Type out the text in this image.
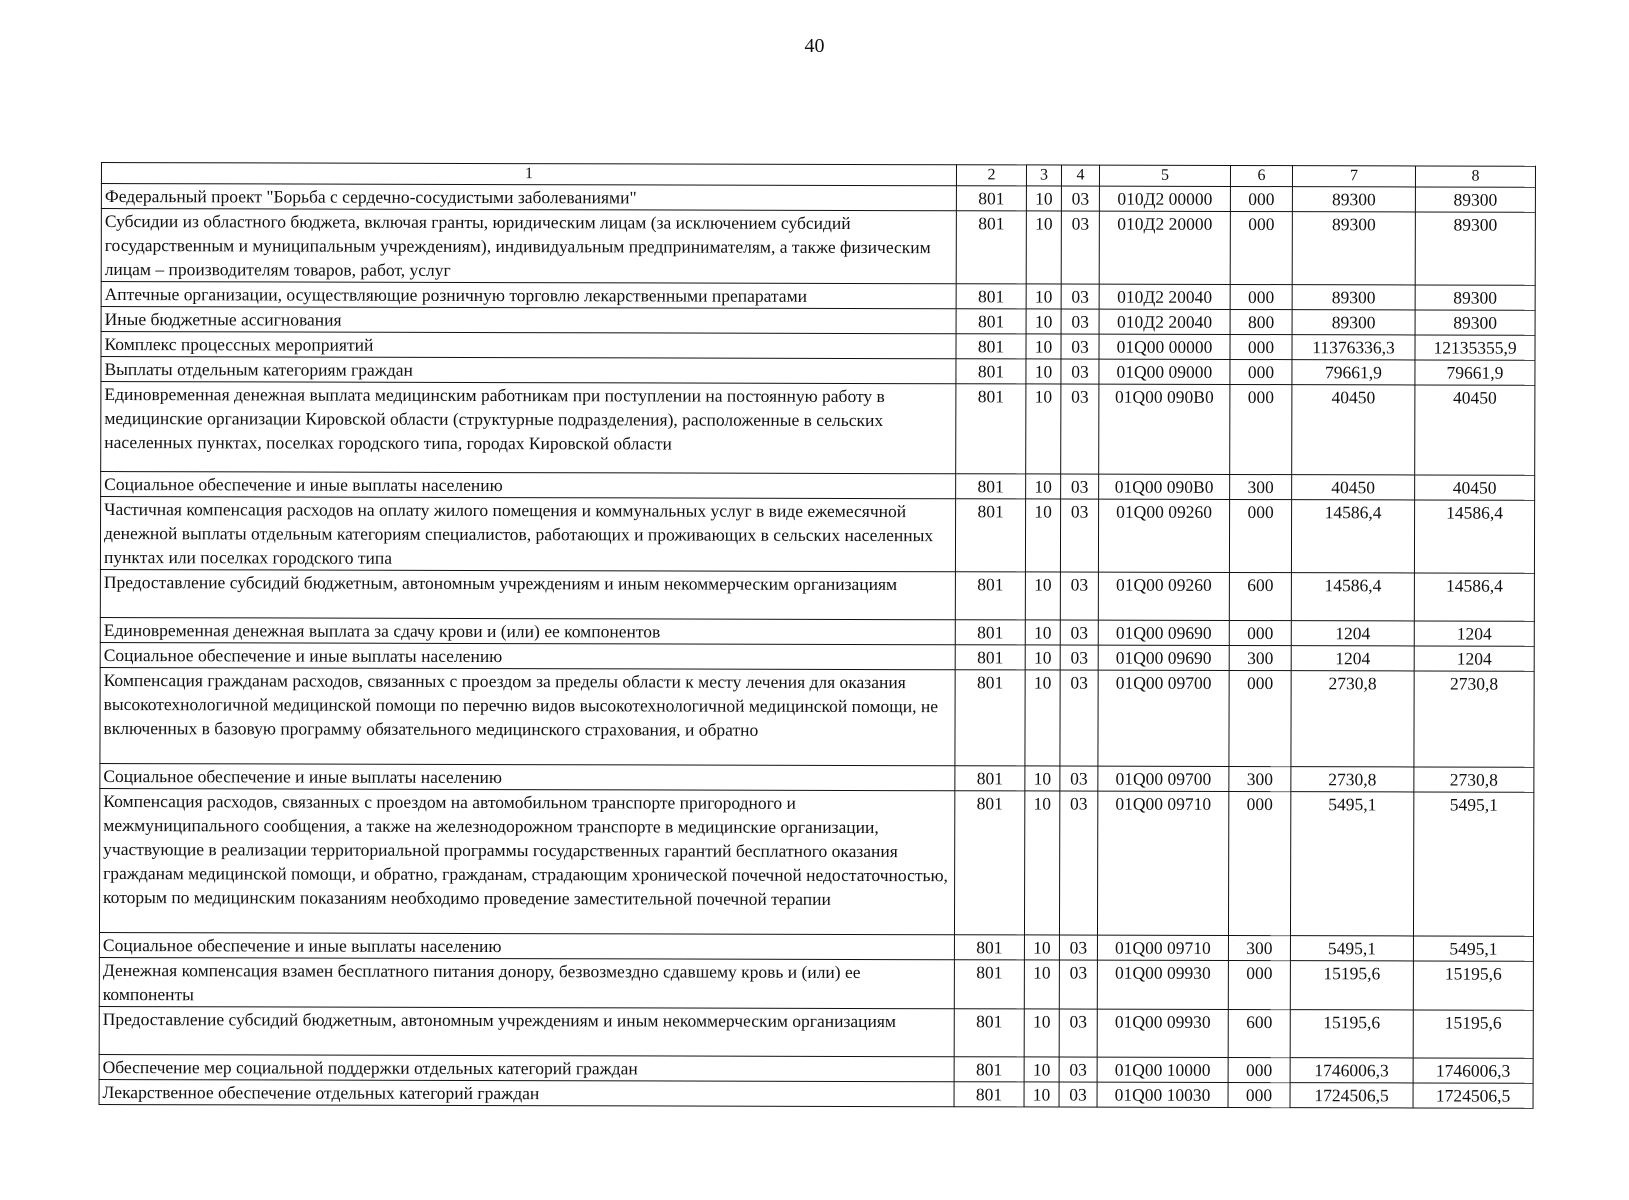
40
1	2	3	4	5	6	7	8
Федеральный проект "Борьба с сердечно-сосудистыми заболеваниями"	801	10	03	010Д2 00000	000	89300	89300
Субсидии из областного бюджета, включая гранты, юридическим лицам (за исключением субсидий государственным и муниципальным учреждениям), индивидуальным предпринимателям, а также физическим лицам – производителям товаров, работ, услуг	801	10	03	010Д2 20000	000	89300	89300
Аптечные организации, осуществляющие розничную торговлю лекарственными препаратами	801	10	03	010Д2 20040	000	89300	89300
Иные бюджетные ассигнования	801	10	03	010Д2 20040	800	89300	89300
Комплекс процессных мероприятий	801	10	03	01Q00 00000	000	11376336,3	12135355,9
Выплаты отдельным категориям граждан	801	10	03	01Q00 09000	000	79661,9	79661,9
Единовременная денежная выплата медицинским работникам при поступлении на постоянную работу в медицинские организации Кировской области (структурные подразделения), расположенные в сельских населенных пунктах, поселках городского типа, городах Кировской области	801	10	03	01Q00 090B0	000	40450	40450
Социальное обеспечение и иные выплаты населению	801	10	03	01Q00 090B0	300	40450	40450
Частичная компенсация расходов на оплату жилого помещения и коммунальных услуг в виде ежемесячной денежной выплаты отдельным категориям специалистов, работающих и проживающих в сельских населенных пунктах или поселках городского типа	801	10	03	01Q00 09260	000	14586,4	14586,4
Предоставление субсидий бюджетным, автономным учреждениям и иным некоммерческим организациям	801	10	03	01Q00 09260	600	14586,4	14586,4
Единовременная денежная выплата за сдачу крови и (или) ее компонентов	801	10	03	01Q00 09690	000	1204	1204
Социальное обеспечение и иные выплаты населению	801	10	03	01Q00 09690	300	1204	1204
Компенсация гражданам расходов, связанных с проездом за пределы области к месту лечения для оказания высокотехнологичной медицинской помощи по перечню видов высокотехнологичной медицинской помощи, не включенных в базовую программу обязательного медицинского страхования, и обратно	801	10	03	01Q00 09700	000	2730,8	2730,8
Социальное обеспечение и иные выплаты населению	801	10	03	01Q00 09700	300	2730,8	2730,8
Компенсация расходов, связанных с проездом на автомобильном транспорте пригородного и межмуниципального сообщения, а также на железнодорожном транспорте в медицинские организации, участвующие в реализации территориальной программы государственных гарантий бесплатного оказания гражданам медицинской помощи, и обратно, гражданам, страдающим хронической почечной недостаточностью, которым по медицинским показаниям необходимо проведение заместительной почечной терапии	801	10	03	01Q00 09710	000	5495,1	5495,1
Социальное обеспечение и иные выплаты населению	801	10	03	01Q00 09710	300	5495,1	5495,1
Денежная компенсация взамен бесплатного питания донору, безвозмездно сдавшему кровь и (или) ее компоненты	801	10	03	01Q00 09930	000	15195,6	15195,6
Предоставление субсидий бюджетным, автономным учреждениям и иным некоммерческим организациям	801	10	03	01Q00 09930	600	15195,6	15195,6
Обеспечение мер социальной поддержки отдельных категорий граждан	801	10	03	01Q00 10000	000	1746006,3	1746006,3
Лекарственное обеспечение отдельных категорий граждан	801	10	03	01Q00 10030	000	1724506,5	1724506,5
